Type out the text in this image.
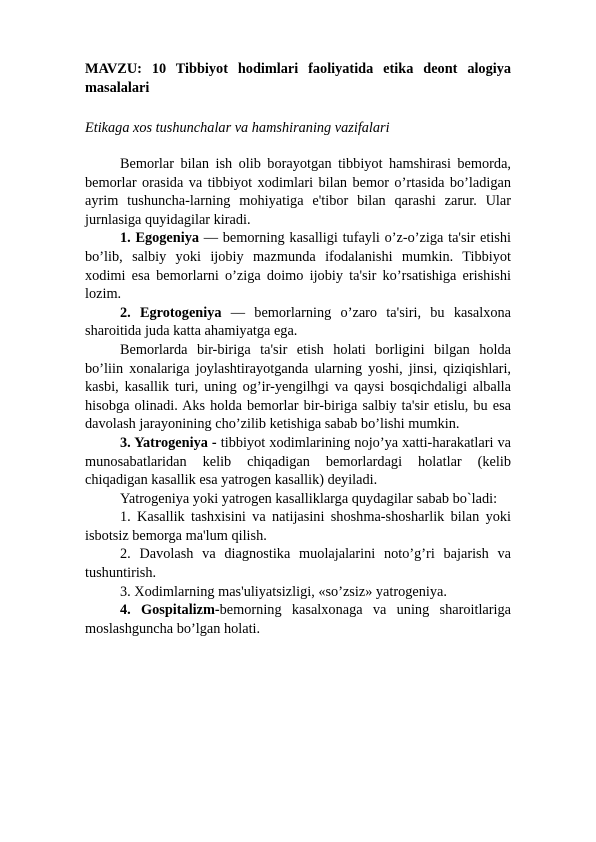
MAVZU: 10 Tibbiyot hodimlari faoliyatida etika deont alogiya masalalari

Etikaga xos tushunchalar va hamshiraning vazifalari

Bemorlar bilan ish olib borayotgan tibbiyot hamshirasi bemorda, bemorlar orasida va tibbiyot xodimlari bilan bemor o’rtasida bo’ladigan ayrim tushuncha-larning mohiyatiga e'tibor bilan qarashi zarur. Ular jurnlasiga quyidagilar kiradi.

1. Egogeniya — bemorning kasalligi tufayli o’z-o’ziga ta'sir etishi bo’lib, salbiy yoki ijobiy mazmunda ifodalanishi mumkin. Tibbiyot xodimi esa bemorlarni o’ziga doimo ijobiy ta'sir ko’rsatishiga erishishi lozim.

2. Egrotogeniya — bemorlarning o’zaro ta'siri, bu kasalxona sharoitida juda katta ahamiyatga ega.

Bemorlarda bir-biriga ta'sir etish holati borligini bilgan holda bo’liin xonalariga joylashtirayotganda ularning yoshi, jinsi, qiziqishlari, kasbi, kasallik turi, uning og’ir-yengilhgi va qaysi bosqichdaligi alballa hisobga olinadi. Aks holda bemorlar bir-biriga salbiy ta'sir etislu, bu esa davolash jarayonining cho’zilib ketishiga sabab bo’lishi mumkin.

3. Yatrogeniya - tibbiyot xodimlarining nojo’ya xatti-harakatlari va munosabatlaridan kelib chiqadigan bemorlardagi holatlar (kelib chiqadigan kasallik esa yatrogen kasallik) deyiladi.

Yatrogeniya yoki yatrogen kasalliklarga quydagilar sabab bo`ladi:

1. Kasallik tashxisini va natijasini shoshma-shosharlik bilan yoki isbotsiz bemorga ma'lum qilish.

2. Davolash va diagnostika muolajalarini noto’g’ri bajarish va tushuntirish.

3. Xodimlarning mas'uliyatsizligi, «so’zsiz» yatrogeniya.

4. Gospitalizm-bemorning kasalxonaga va uning sharoitlariga moslashguncha bo’lgan holati.
